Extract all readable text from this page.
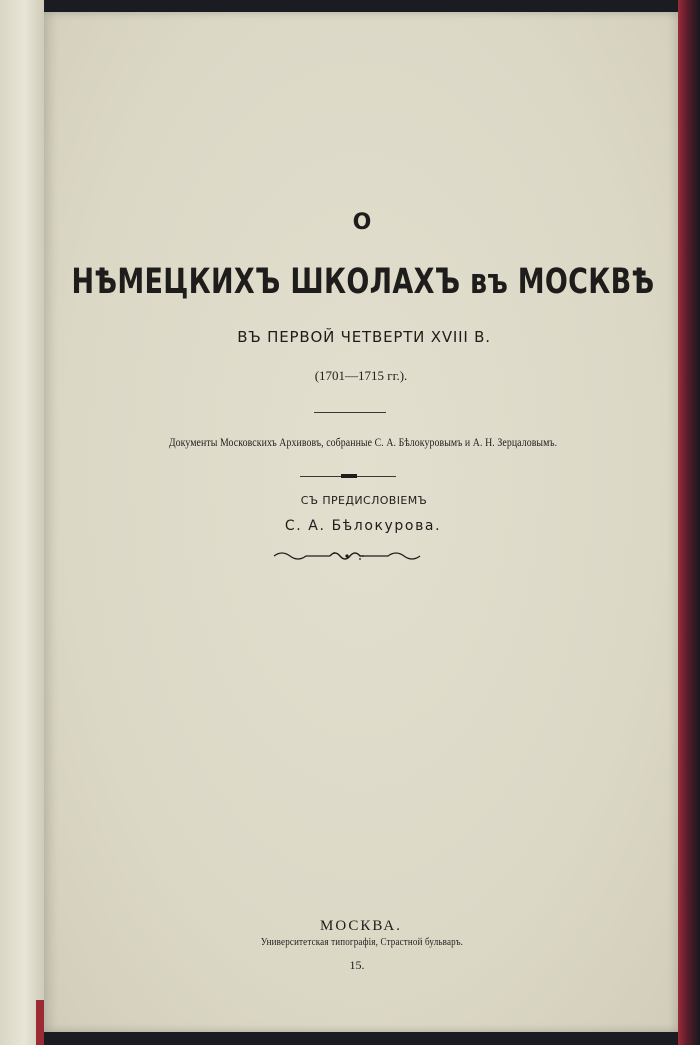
О
НѢМЕЦКИХЪ ШКОЛАХЪ въ МОСКВѢ
ВЪ ПЕРВОЙ ЧЕТВЕРТИ XVIII В.
(1701—1715 гг.).
Документы Московскихъ Архивовъ, собранные С. А. Бѣлокуровымъ и А. Н. Зерцаловымъ.
СЪ ПРЕДИСЛОВІЕМЪ
С. А. Бѣлокурова.
МОСКВА.
Университетская типографія, Страстной бульваръ.
15.
